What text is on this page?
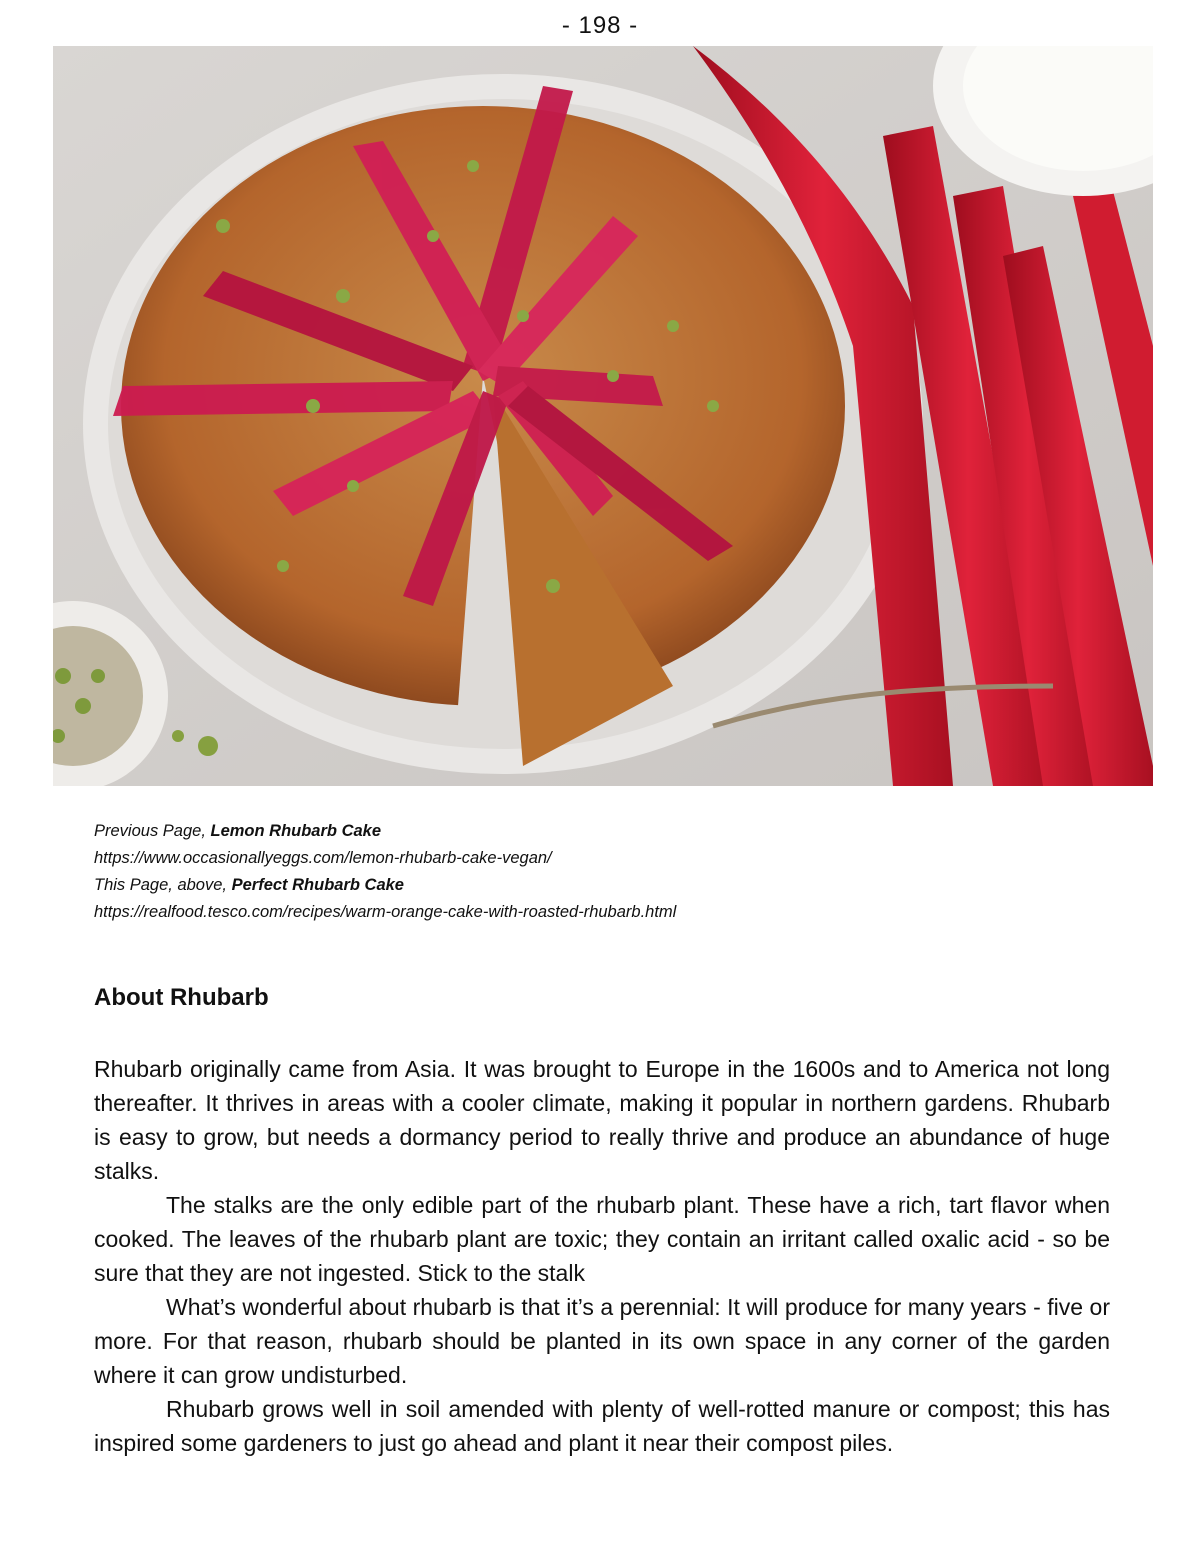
- 198 -
Previous Page, Lemon Rhubarb Cake
https://www.occasionallyeggs.com/lemon-rhubarb-cake-vegan/
This Page, above, Perfect Rhubarb Cake
https://realfood.tesco.com/recipes/warm-orange-cake-with-roasted-rhubarb.html
About Rhubarb

Rhubarb originally came from Asia. It was brought to Europe in the 1600s and to America not long thereafter. It thrives in areas with a cooler climate, making it popular in northern gardens. Rhubarb is easy to grow, but needs a dormancy period to really thrive and produce an abundance of huge stalks.

The stalks are the only edible part of the rhubarb plant. These have a rich, tart flavor when cooked. The leaves of the rhubarb plant are toxic; they contain an irritant called oxalic acid - so be sure that they are not ingested. Stick to the stalk

What’s wonderful about rhubarb is that it’s a perennial: It will produce for many years - five or more. For that reason, rhubarb should be planted in its own space in any corner of the garden where it can grow undisturbed.

Rhubarb grows well in soil amended with plenty of well-rotted manure or compost; this has inspired some gardeners to just go ahead and plant it near their compost piles.
